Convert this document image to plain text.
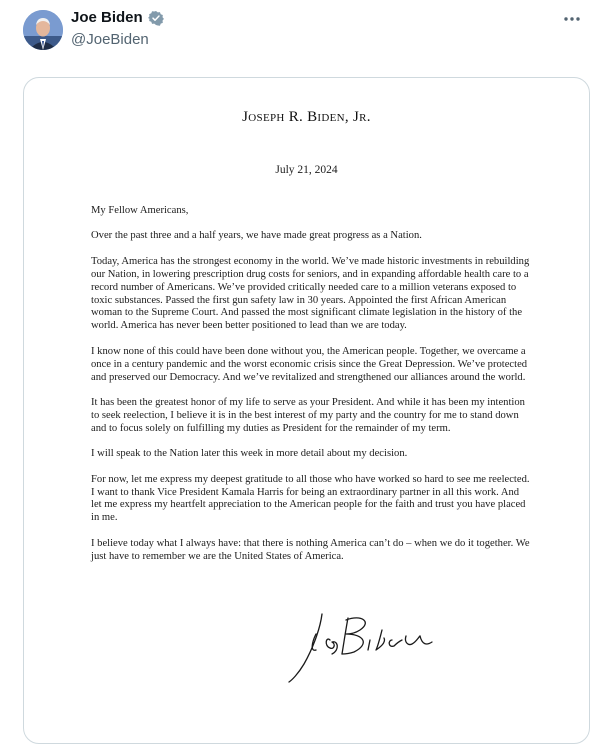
Joe Biden
@JoeBiden
Joseph R. Biden, Jr.
July 21, 2024

My Fellow Americans,

Over the past three and a half years, we have made great progress as a Nation.

Today, America has the strongest economy in the world. We’ve made historic investments in rebuilding our Nation, in lowering prescription drug costs for seniors, and in expanding affordable health care to a record number of Americans. We’ve provided critically needed care to a million veterans exposed to toxic substances. Passed the first gun safety law in 30 years. Appointed the first African American woman to the Supreme Court. And passed the most significant climate legislation in the history of the world. America has never been better positioned to lead than we are today.

I know none of this could have been done without you, the American people. Together, we overcame a once in a century pandemic and the worst economic crisis since the Great Depression. We’ve protected and preserved our Democracy. And we’ve revitalized and strengthened our alliances around the world.

It has been the greatest honor of my life to serve as your President. And while it has been my intention to seek reelection, I believe it is in the best interest of my party and the country for me to stand down and to focus solely on fulfilling my duties as President for the remainder of my term.

I will speak to the Nation later this week in more detail about my decision.

For now, let me express my deepest gratitude to all those who have worked so hard to see me reelected. I want to thank Vice President Kamala Harris for being an extraordinary partner in all this work. And let me express my heartfelt appreciation to the American people for the faith and trust you have placed in me.

I believe today what I always have: that there is nothing America can’t do – when we do it together. We just have to remember we are the United States of America.
